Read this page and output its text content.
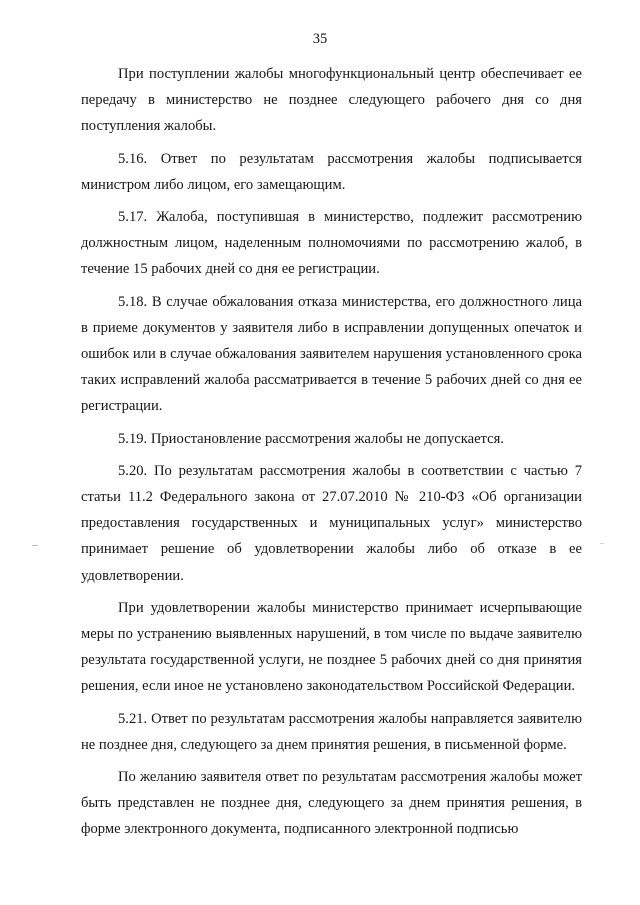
35

При поступлении жалобы многофункциональный центр обеспечивает ее передачу в министерство не позднее следующего рабочего дня со дня поступления жалобы.

5.16. Ответ по результатам рассмотрения жалобы подписывается министром либо лицом, его замещающим.

5.17. Жалоба, поступившая в министерство, подлежит рассмотрению должностным лицом, наделенным полномочиями по рассмотрению жалоб, в течение 15 рабочих дней со дня ее регистрации.

5.18. В случае обжалования отказа министерства, его должностного лица в приеме документов у заявителя либо в исправлении допущенных опечаток и ошибок или в случае обжалования заявителем нарушения установленного срока таких исправлений жалоба рассматривается в течение 5 рабочих дней со дня ее регистрации.

5.19. Приостановление рассмотрения жалобы не допускается.

5.20. По результатам рассмотрения жалобы в соответствии с частью 7 статьи 11.2 Федерального закона от 27.07.2010 № 210-ФЗ «Об организации предоставления государственных и муниципальных услуг» министерство принимает решение об удовлетворении жалобы либо об отказе в ее удовлетворении.

При удовлетворении жалобы министерство принимает исчерпывающие меры по устранению выявленных нарушений, в том числе по выдаче заявителю результата государственной услуги, не позднее 5 рабочих дней со дня принятия решения, если иное не установлено законодательством Российской Федерации.

5.21. Ответ по результатам рассмотрения жалобы направляется заявителю не позднее дня, следующего за днем принятия решения, в письменной форме.

По желанию заявителя ответ по результатам рассмотрения жалобы может быть представлен не позднее дня, следующего за днем принятия решения, в форме электронного документа, подписанного электронной подписью
